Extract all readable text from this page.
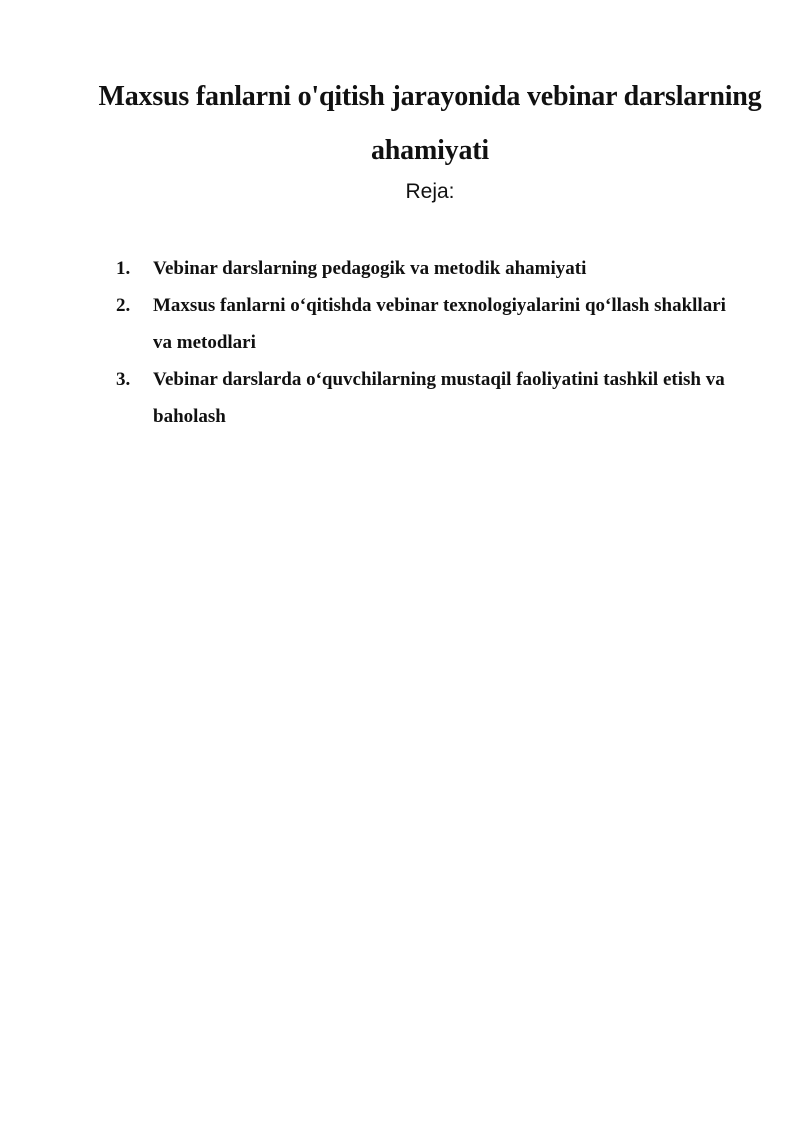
Maxsus fanlarni o'qitish jarayonida vebinar darslarning ahamiyati
Reja:
1. Vebinar darslarning pedagogik va metodik ahamiyati
2. Maxsus fanlarni o‘qitishda vebinar texnologiyalarini qo‘llash shakllari va metodlari
3. Vebinar darslarda o‘quvchilarning mustaqil faoliyatini tashkil etish va baholash
